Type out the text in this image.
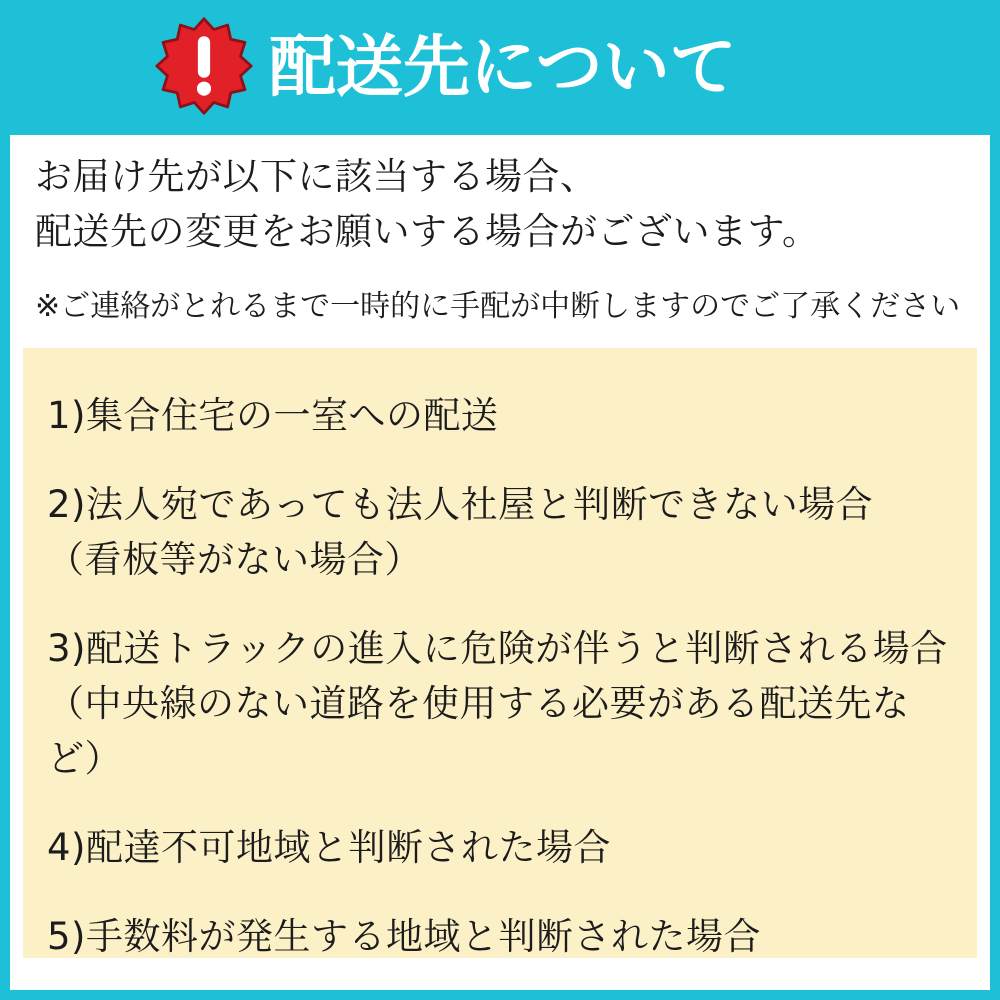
配送先について
お届け先が以下に該当する場合、
配送先の変更をお願いする場合がございます。
※ご連絡がとれるまで一時的に手配が中断しますのでご了承ください
1)集合住宅の一室への配送
2)法人宛であっても法人社屋と判断できない場合
（看板等がない場合）
3)配送トラックの進入に危険が伴うと判断される場合
（中央線のない道路を使用する必要がある配送先など）
4)配達不可地域と判断された場合
5)手数料が発生する地域と判断された場合
